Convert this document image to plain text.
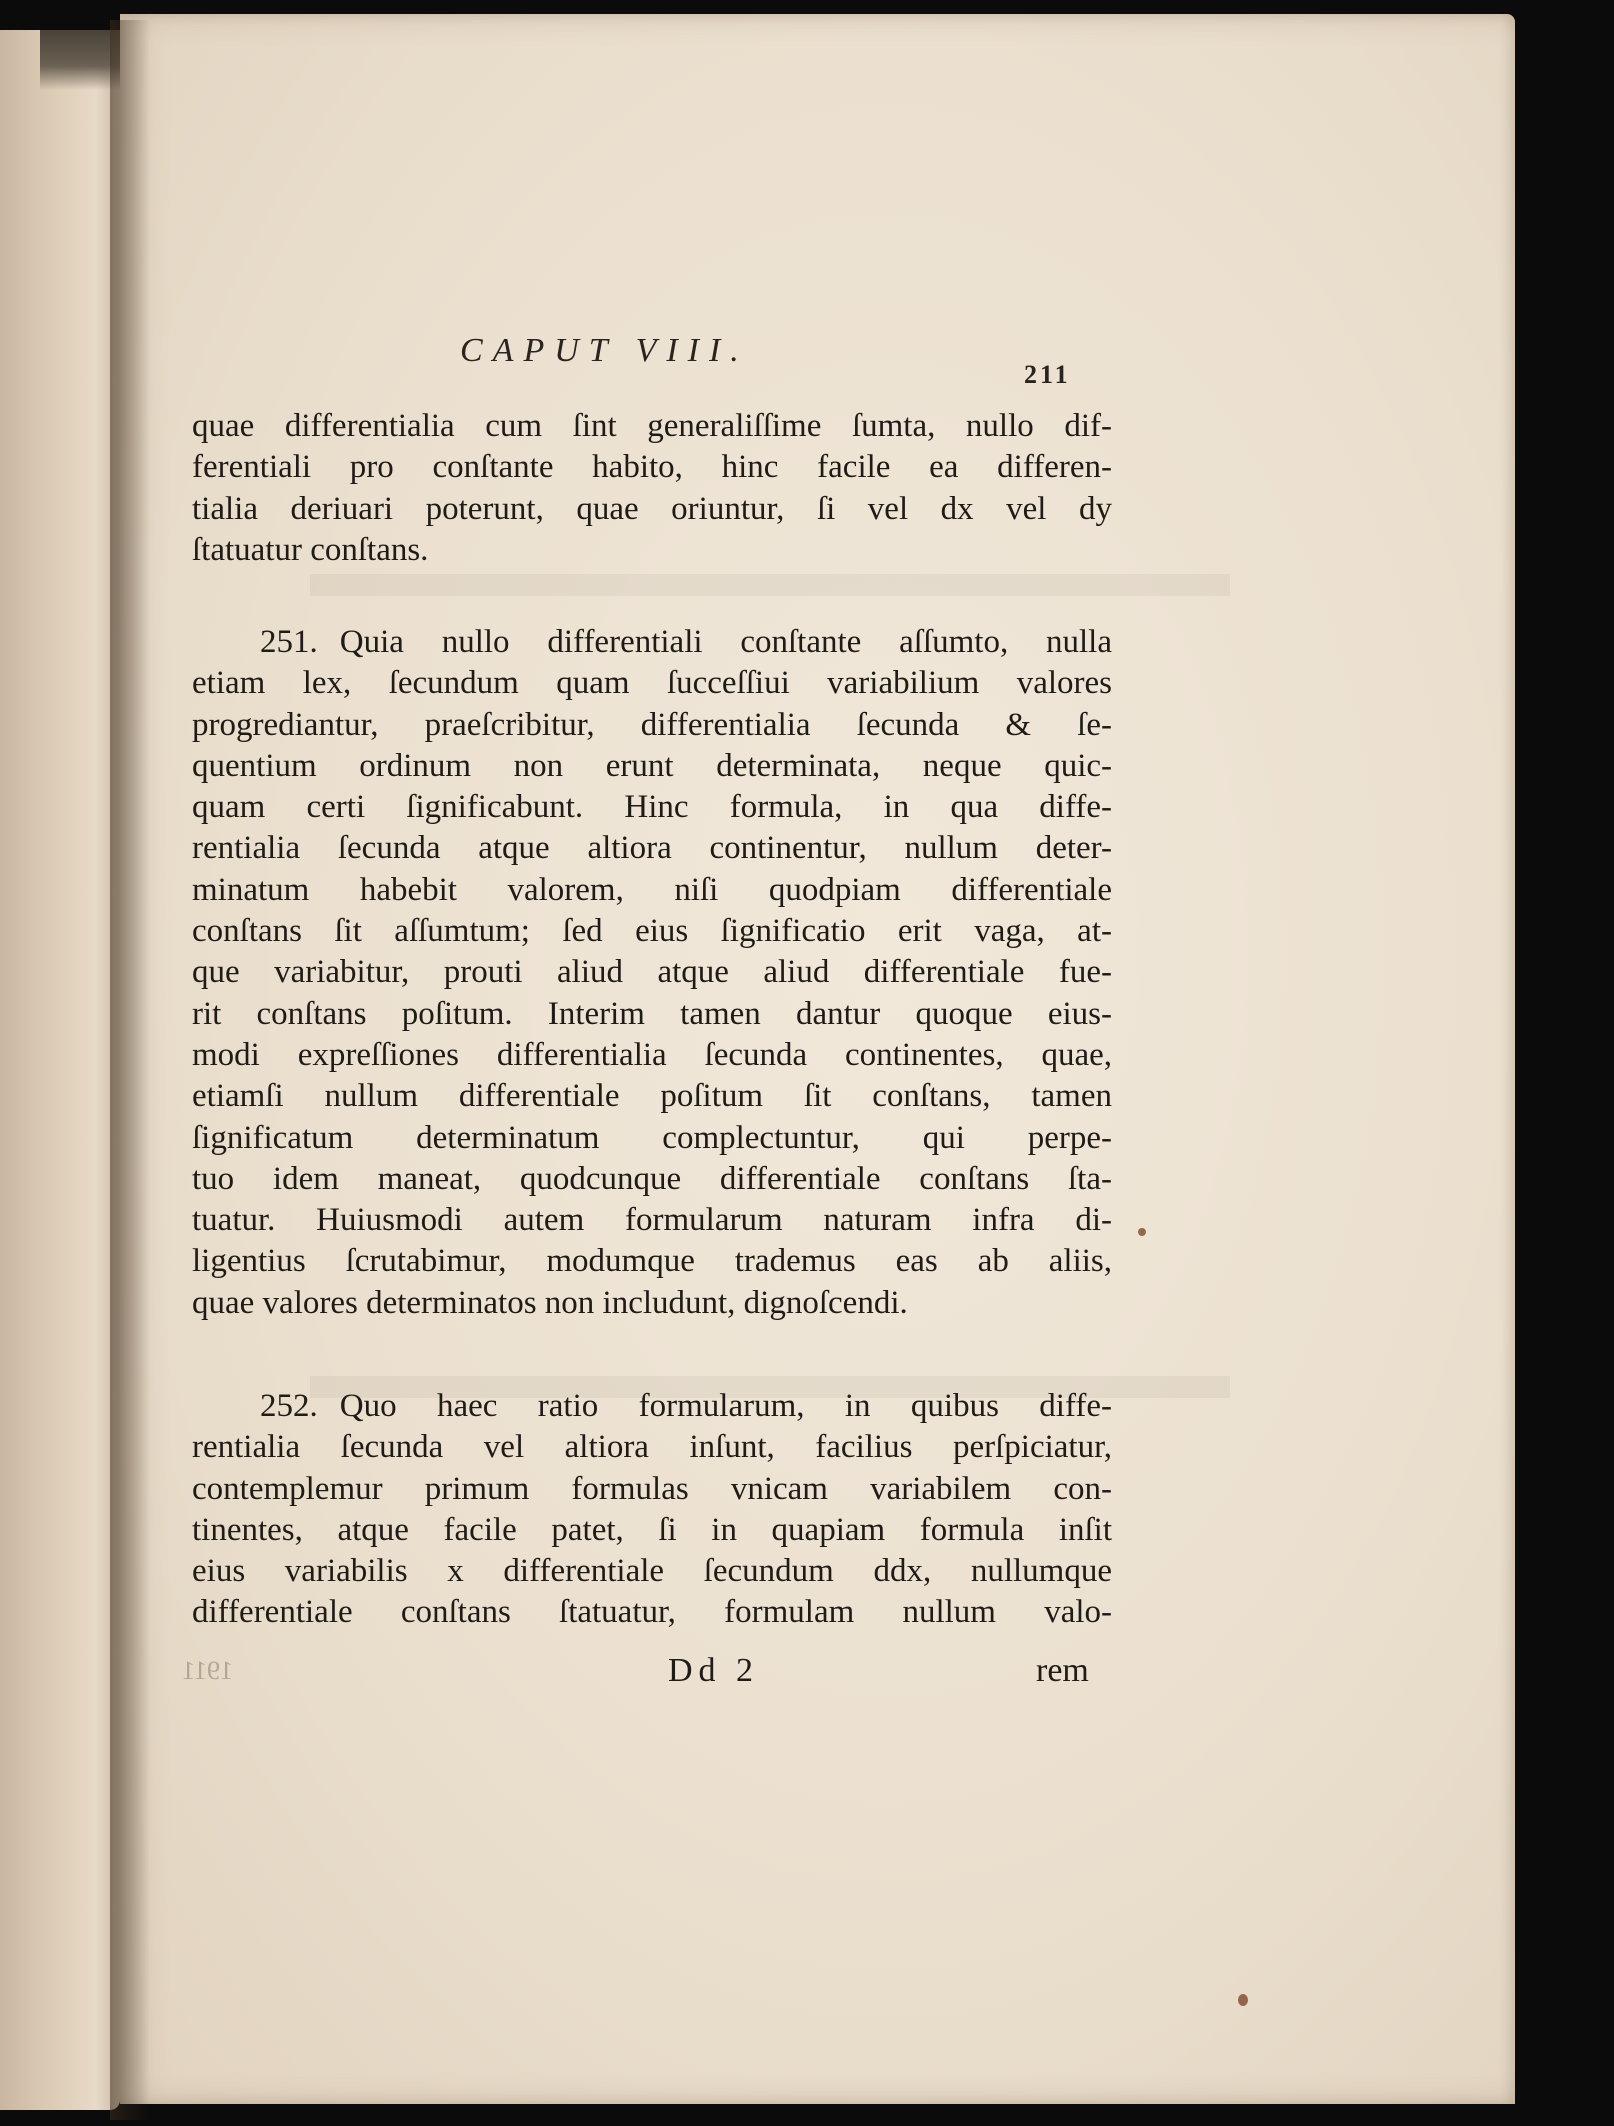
CAPUT VIII.
211
quae differentialia cum ſint generaliſſime ſumta, nullo dif-
ferentiali pro conſtante habito, hinc facile ea differen-
tialia deriuari poterunt, quae oriuntur, ſi vel dx vel dy
ſtatuatur conſtans.
251. Quia nullo differentiali conſtante aſſumto, nulla
etiam lex, ſecundum quam ſucceſſiui variabilium valores
progrediantur, praeſcribitur, differentialia ſecunda & ſe-
quentium ordinum non erunt determinata, neque quic-
quam certi ſignificabunt. Hinc formula, in qua diffe-
rentialia ſecunda atque altiora continentur, nullum deter-
minatum habebit valorem, niſi quodpiam differentiale
conſtans ſit aſſumtum; ſed eius ſignificatio erit vaga, at-
que variabitur, prouti aliud atque aliud differentiale fue-
rit conſtans poſitum. Interim tamen dantur quoque eius-
modi expreſſiones differentialia ſecunda continentes, quae,
etiamſi nullum differentiale poſitum ſit conſtans, tamen
ſignificatum determinatum complectuntur, qui perpe-
tuo idem maneat, quodcunque differentiale conſtans ſta-
tuatur. Huiusmodi autem formularum naturam infra di-
ligentius ſcrutabimur, modumque trademus eas ab aliis,
quae valores determinatos non includunt, dignoſcendi.
252. Quo haec ratio formularum, in quibus diffe-
rentialia ſecunda vel altiora inſunt, facilius perſpiciatur,
contemplemur primum formulas vnicam variabilem con-
tinentes, atque facile patet, ſi in quapiam formula inſit
eius variabilis x differentiale ſecundum ddx, nullumque
differentiale conſtans ſtatuatur, formulam nullum valo-
1911	Dd 2	rem
